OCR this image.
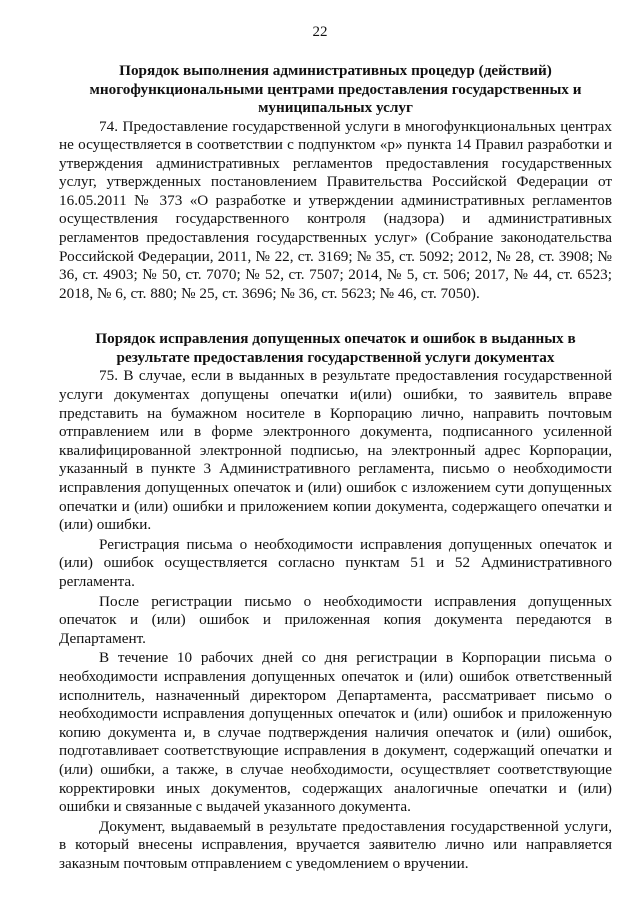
22
Порядок выполнения административных процедур (действий) многофункциональными центрами предоставления государственных и муниципальных услуг
74. Предоставление государственной услуги в многофункциональных центрах не осуществляется в соответствии с подпунктом «р» пункта 14 Правил разработки и утверждения административных регламентов предоставления государственных услуг, утвержденных постановлением Правительства Российской Федерации от 16.05.2011 № 373 «О разработке и утверждении административных регламентов осуществления государственного контроля (надзора) и административных регламентов предоставления государственных услуг» (Собрание законодательства Российской Федерации, 2011, № 22, ст. 3169; № 35, ст. 5092; 2012, № 28, ст. 3908; № 36, ст. 4903; № 50, ст. 7070; № 52, ст. 7507; 2014, № 5, ст. 506; 2017, № 44, ст. 6523; 2018, № 6, ст. 880; № 25, ст. 3696; № 36, ст. 5623; № 46, ст. 7050).
Порядок исправления допущенных опечаток и ошибок в выданных в результате предоставления государственной услуги документах
75. В случае, если в выданных в результате предоставления государственной услуги документах допущены опечатки и(или) ошибки, то заявитель вправе представить на бумажном носителе в Корпорацию лично, направить почтовым отправлением или в форме электронного документа, подписанного усиленной квалифицированной электронной подписью, на электронный адрес Корпорации, указанный в пункте 3 Административного регламента, письмо о необходимости исправления допущенных опечаток и (или) ошибок с изложением сути допущенных опечатки и (или) ошибки и приложением копии документа, содержащего опечатки и (или) ошибки.
Регистрация письма о необходимости исправления допущенных опечаток и (или) ошибок осуществляется согласно пунктам 51 и 52 Административного регламента.
После регистрации письмо о необходимости исправления допущенных опечаток и (или) ошибок и приложенная копия документа передаются в Департамент.
В течение 10 рабочих дней со дня регистрации в Корпорации письма о необходимости исправления допущенных опечаток и (или) ошибок ответственный исполнитель, назначенный директором Департамента, рассматривает письмо о необходимости исправления допущенных опечаток и (или) ошибок и приложенную копию документа и, в случае подтверждения наличия опечаток и (или) ошибок, подготавливает соответствующие исправления в документ, содержащий опечатки и (или) ошибки, а также, в случае необходимости, осуществляет соответствующие корректировки иных документов, содержащих аналогичные опечатки и (или) ошибки и связанные с выдачей указанного документа.
Документ, выдаваемый в результате предоставления государственной услуги, в который внесены исправления, вручается заявителю лично или направляется заказным почтовым отправлением с уведомлением о вручении.
